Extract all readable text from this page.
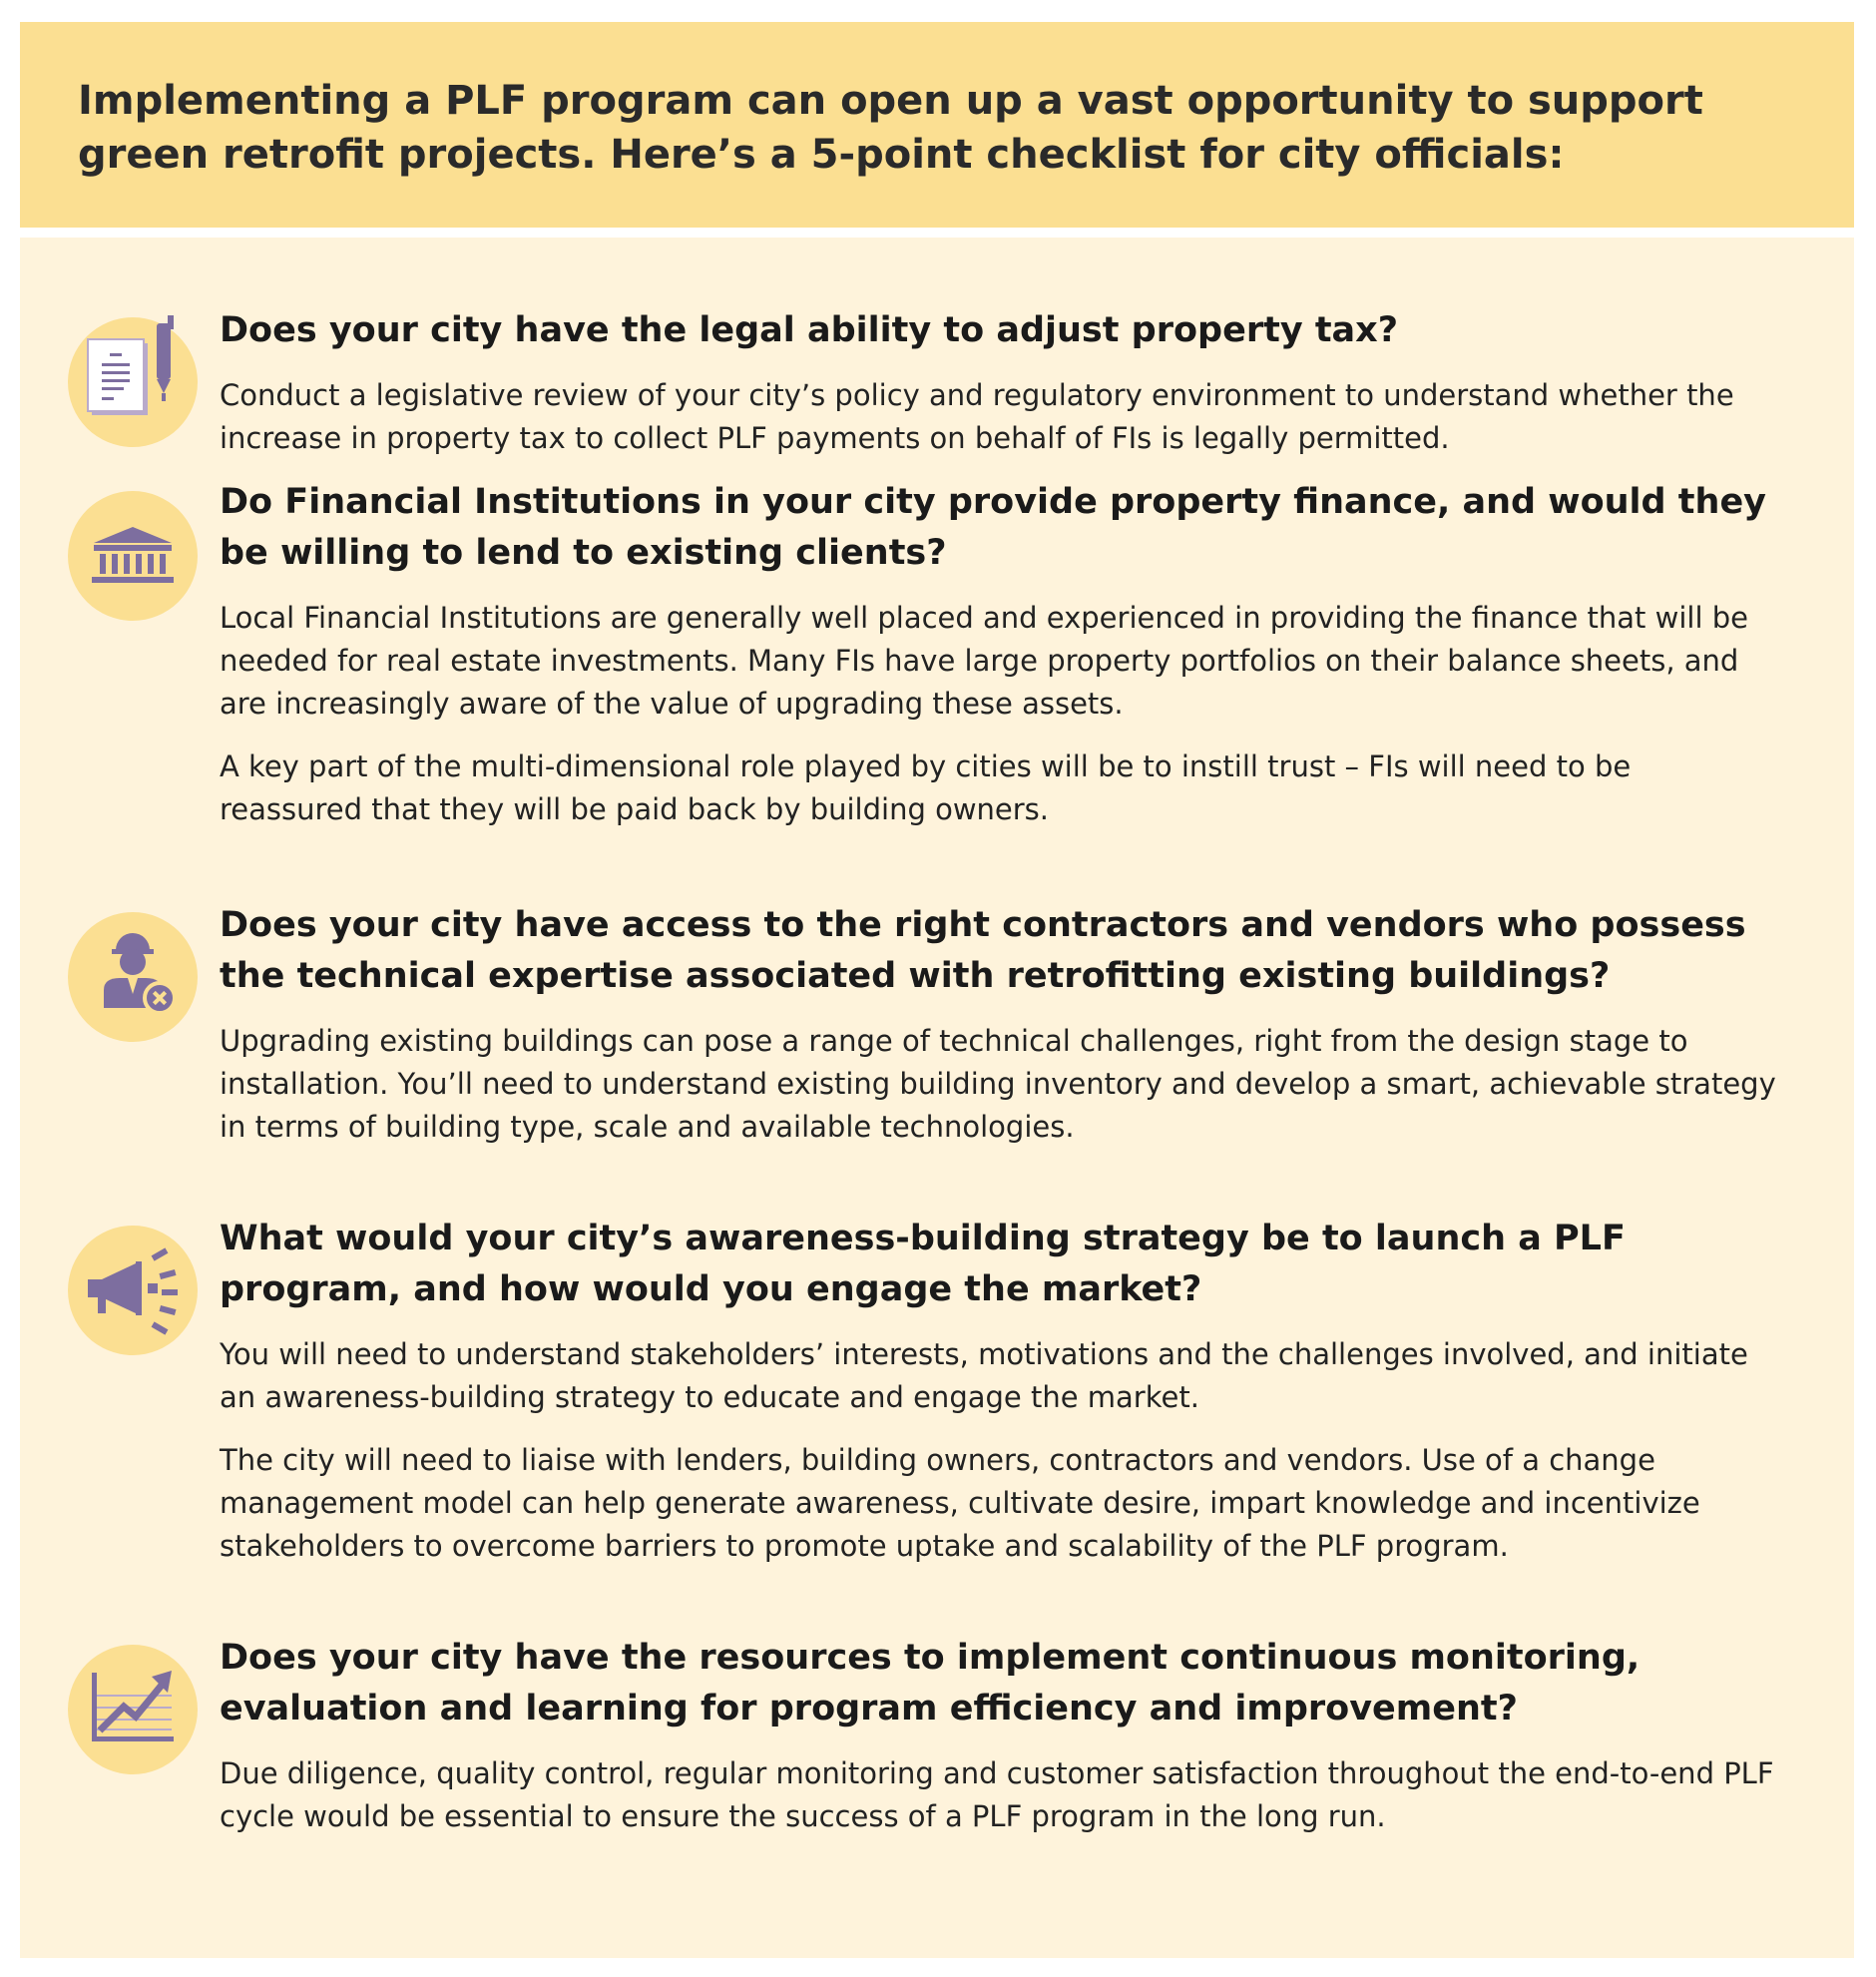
Implementing a PLF program can open up a vast opportunity to support green retrofit projects. Here’s a 5-point checklist for city officials:
Does your city have the legal ability to adjust property tax?

Conduct a legislative review of your city’s policy and regulatory environment to understand whether the increase in property tax to collect PLF payments on behalf of FIs is legally permitted.

Do Financial Institutions in your city provide property finance, and would they be willing to lend to existing clients?

Local Financial Institutions are generally well placed and experienced in providing the finance that will be needed for real estate investments. Many FIs have large property portfolios on their balance sheets, and are increasingly aware of the value of upgrading these assets.

A key part of the multi-dimensional role played by cities will be to instill trust – FIs will need to be reassured that they will be paid back by building owners.

Does your city have access to the right contractors and vendors who possess the technical expertise associated with retrofitting existing buildings?

Upgrading existing buildings can pose a range of technical challenges, right from the design stage to installation. You’ll need to understand existing building inventory and develop a smart, achievable strategy in terms of building type, scale and available technologies.

What would your city’s awareness-building strategy be to launch a PLF program, and how would you engage the market?

You will need to understand stakeholders’ interests, motivations and the challenges involved, and initiate an awareness-building strategy to educate and engage the market.

The city will need to liaise with lenders, building owners, contractors and vendors. Use of a change management model can help generate awareness, cultivate desire, impart knowledge and incentivize stakeholders to overcome barriers to promote uptake and scalability of the PLF program.

Does your city have the resources to implement continuous monitoring, evaluation and learning for program efficiency and improvement?

Due diligence, quality control, regular monitoring and customer satisfaction throughout the end-to-end PLF cycle would be essential to ensure the success of a PLF program in the long run.
